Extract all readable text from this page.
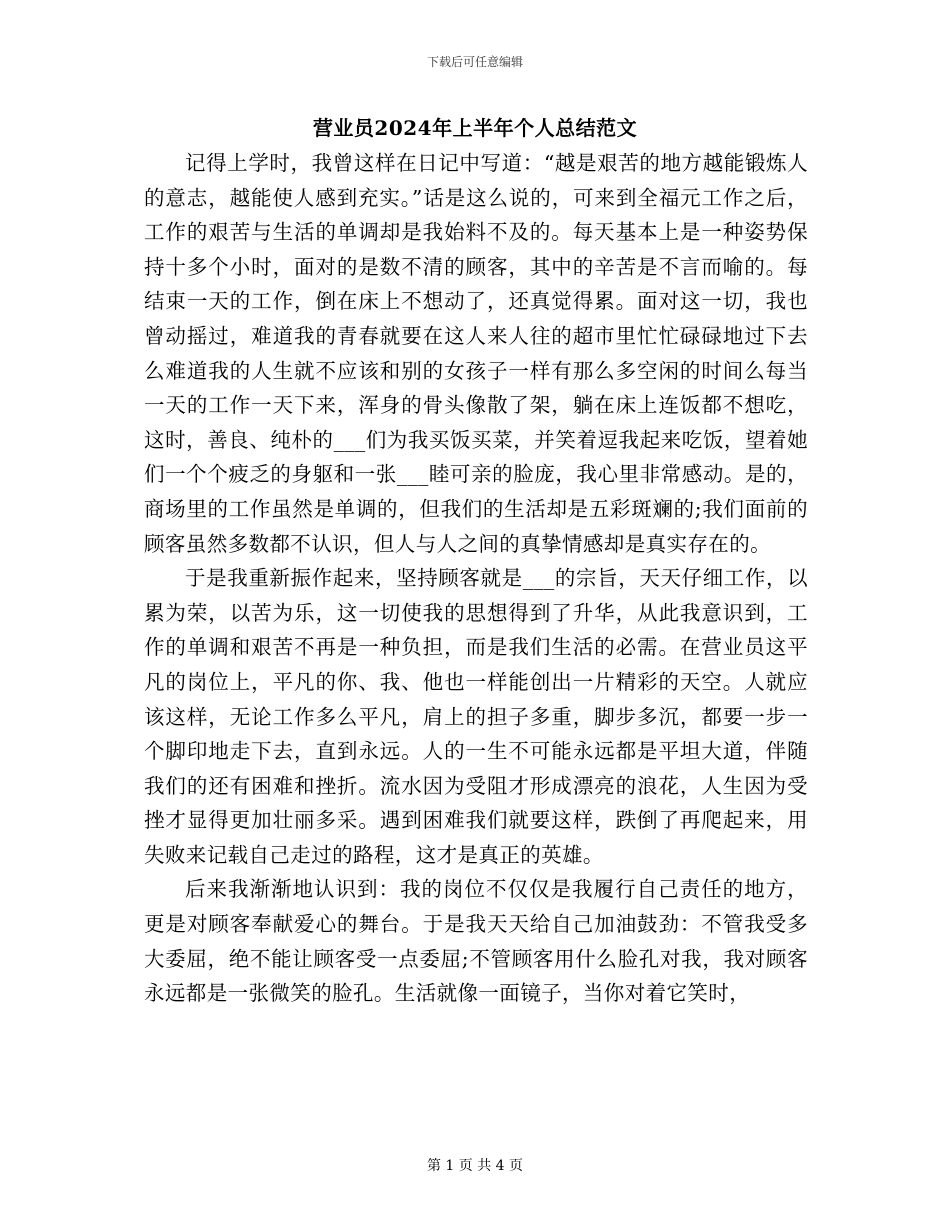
下载后可任意编辑
营业员2024年上半年个人总结范文

记得上学时，我曾这样在日记中写道：“越是艰苦的地方越能锻炼人的意志，越能使人感到充实。”话是这么说的，可来到全福元工作之后，工作的艰苦与生活的单调却是我始料不及的。每天基本上是一种姿势保持十多个小时，面对的是数不清的顾客，其中的辛苦是不言而喻的。每结束一天的工作，倒在床上不想动了，还真觉得累。面对这一切，我也曾动摇过，难道我的青春就要在这人来人往的超市里忙忙碌碌地过下去么难道我的人生就不应该和别的女孩子一样有那么多空闲的时间么每当一天的工作一天下来，浑身的骨头像散了架，躺在床上连饭都不想吃，这时，善良、纯朴的___们为我买饭买菜，并笑着逗我起来吃饭，望着她们一个个疲乏的身躯和一张___睦可亲的脸庞，我心里非常感动。是的，商场里的工作虽然是单调的，但我们的生活却是五彩斑斓的;我们面前的顾客虽然多数都不认识，但人与人之间的真挚情感却是真实存在的。

于是我重新振作起来，坚持顾客就是___的宗旨，天天仔细工作，以累为荣，以苦为乐，这一切使我的思想得到了升华，从此我意识到，工作的单调和艰苦不再是一种负担，而是我们生活的必需。在营业员这平凡的岗位上，平凡的你、我、他也一样能创出一片精彩的天空。人就应该这样，无论工作多么平凡，肩上的担子多重，脚步多沉，都要一步一个脚印地走下去，直到永远。人的一生不可能永远都是平坦大道，伴随我们的还有困难和挫折。流水因为受阻才形成漂亮的浪花，人生因为受挫才显得更加壮丽多采。遇到困难我们就要这样，跌倒了再爬起来，用失败来记载自己走过的路程，这才是真正的英雄。

后来我渐渐地认识到：我的岗位不仅仅是我履行自己责任的地方，更是对顾客奉献爱心的舞台。于是我天天给自己加油鼓劲：不管我受多大委屈，绝不能让顾客受一点委屈;不管顾客用什么脸孔对我，我对顾客永远都是一张微笑的脸孔。生活就像一面镜子，当你对着它笑时，

第 1 页 共 4 页
